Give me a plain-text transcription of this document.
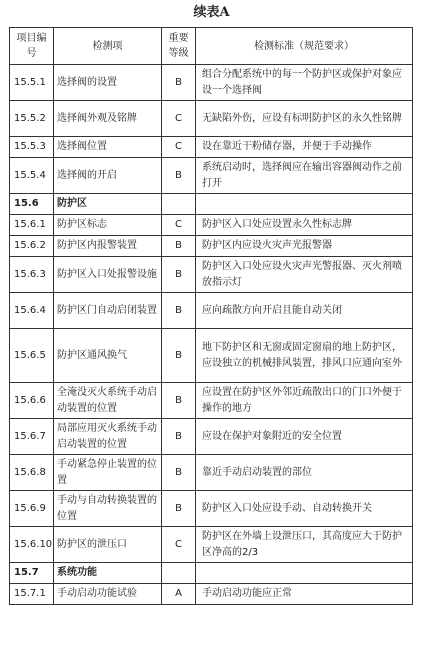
续表A
项目编号	检测项	重要等级	检测标准（规范要求）
15.5.1	选择阀的设置	B	组合分配系统中的每一个防护区或保护对象应设一个选择阀
15.5.2	选择阀外观及铭牌	C	无缺陷外伤，应设有标明防护区的永久性铭牌
15.5.3	选择阀位置	C	设在靠近干粉储存器，并便于手动操作
15.5.4	选择阀的开启	B	系统启动时，选择阀应在输出容器阀动作之前打开
15.6	防护区		
15.6.1	防护区标志	C	防护区入口处应设置永久性标志牌
15.6.2	防护区内报警装置	B	防护区内应设火灾声光报警器
15.6.3	防护区入口处报警设施	B	防护区入口处应设火灾声光警报器、灭火剂喷放指示灯
15.6.4	防护区门自动启闭装置	B	应向疏散方向开启且能自动关闭
15.6.5	防护区通风换气	B	地下防护区和无窗或固定窗扇的地上防护区，应设独立的机械排风装置，排风口应通向室外
15.6.6	全淹没灭火系统手动启动装置的位置	B	应设置在防护区外邻近疏散出口的门口外便于操作的地方
15.6.7	局部应用灭火系统手动启动装置的位置	B	应设在保护对象附近的安全位置
15.6.8	手动紧急停止装置的位置	B	靠近手动启动装置的部位
15.6.9	手动与自动转换装置的位置	B	防护区入口处应设手动、自动转换开关
15.6.10	防护区的泄压口	C	防护区在外墙上设泄压口，其高度应大于防护区净高的2/3
15.7	系统功能		
15.7.1	手动启动功能试验	A	手动启动功能应正常
